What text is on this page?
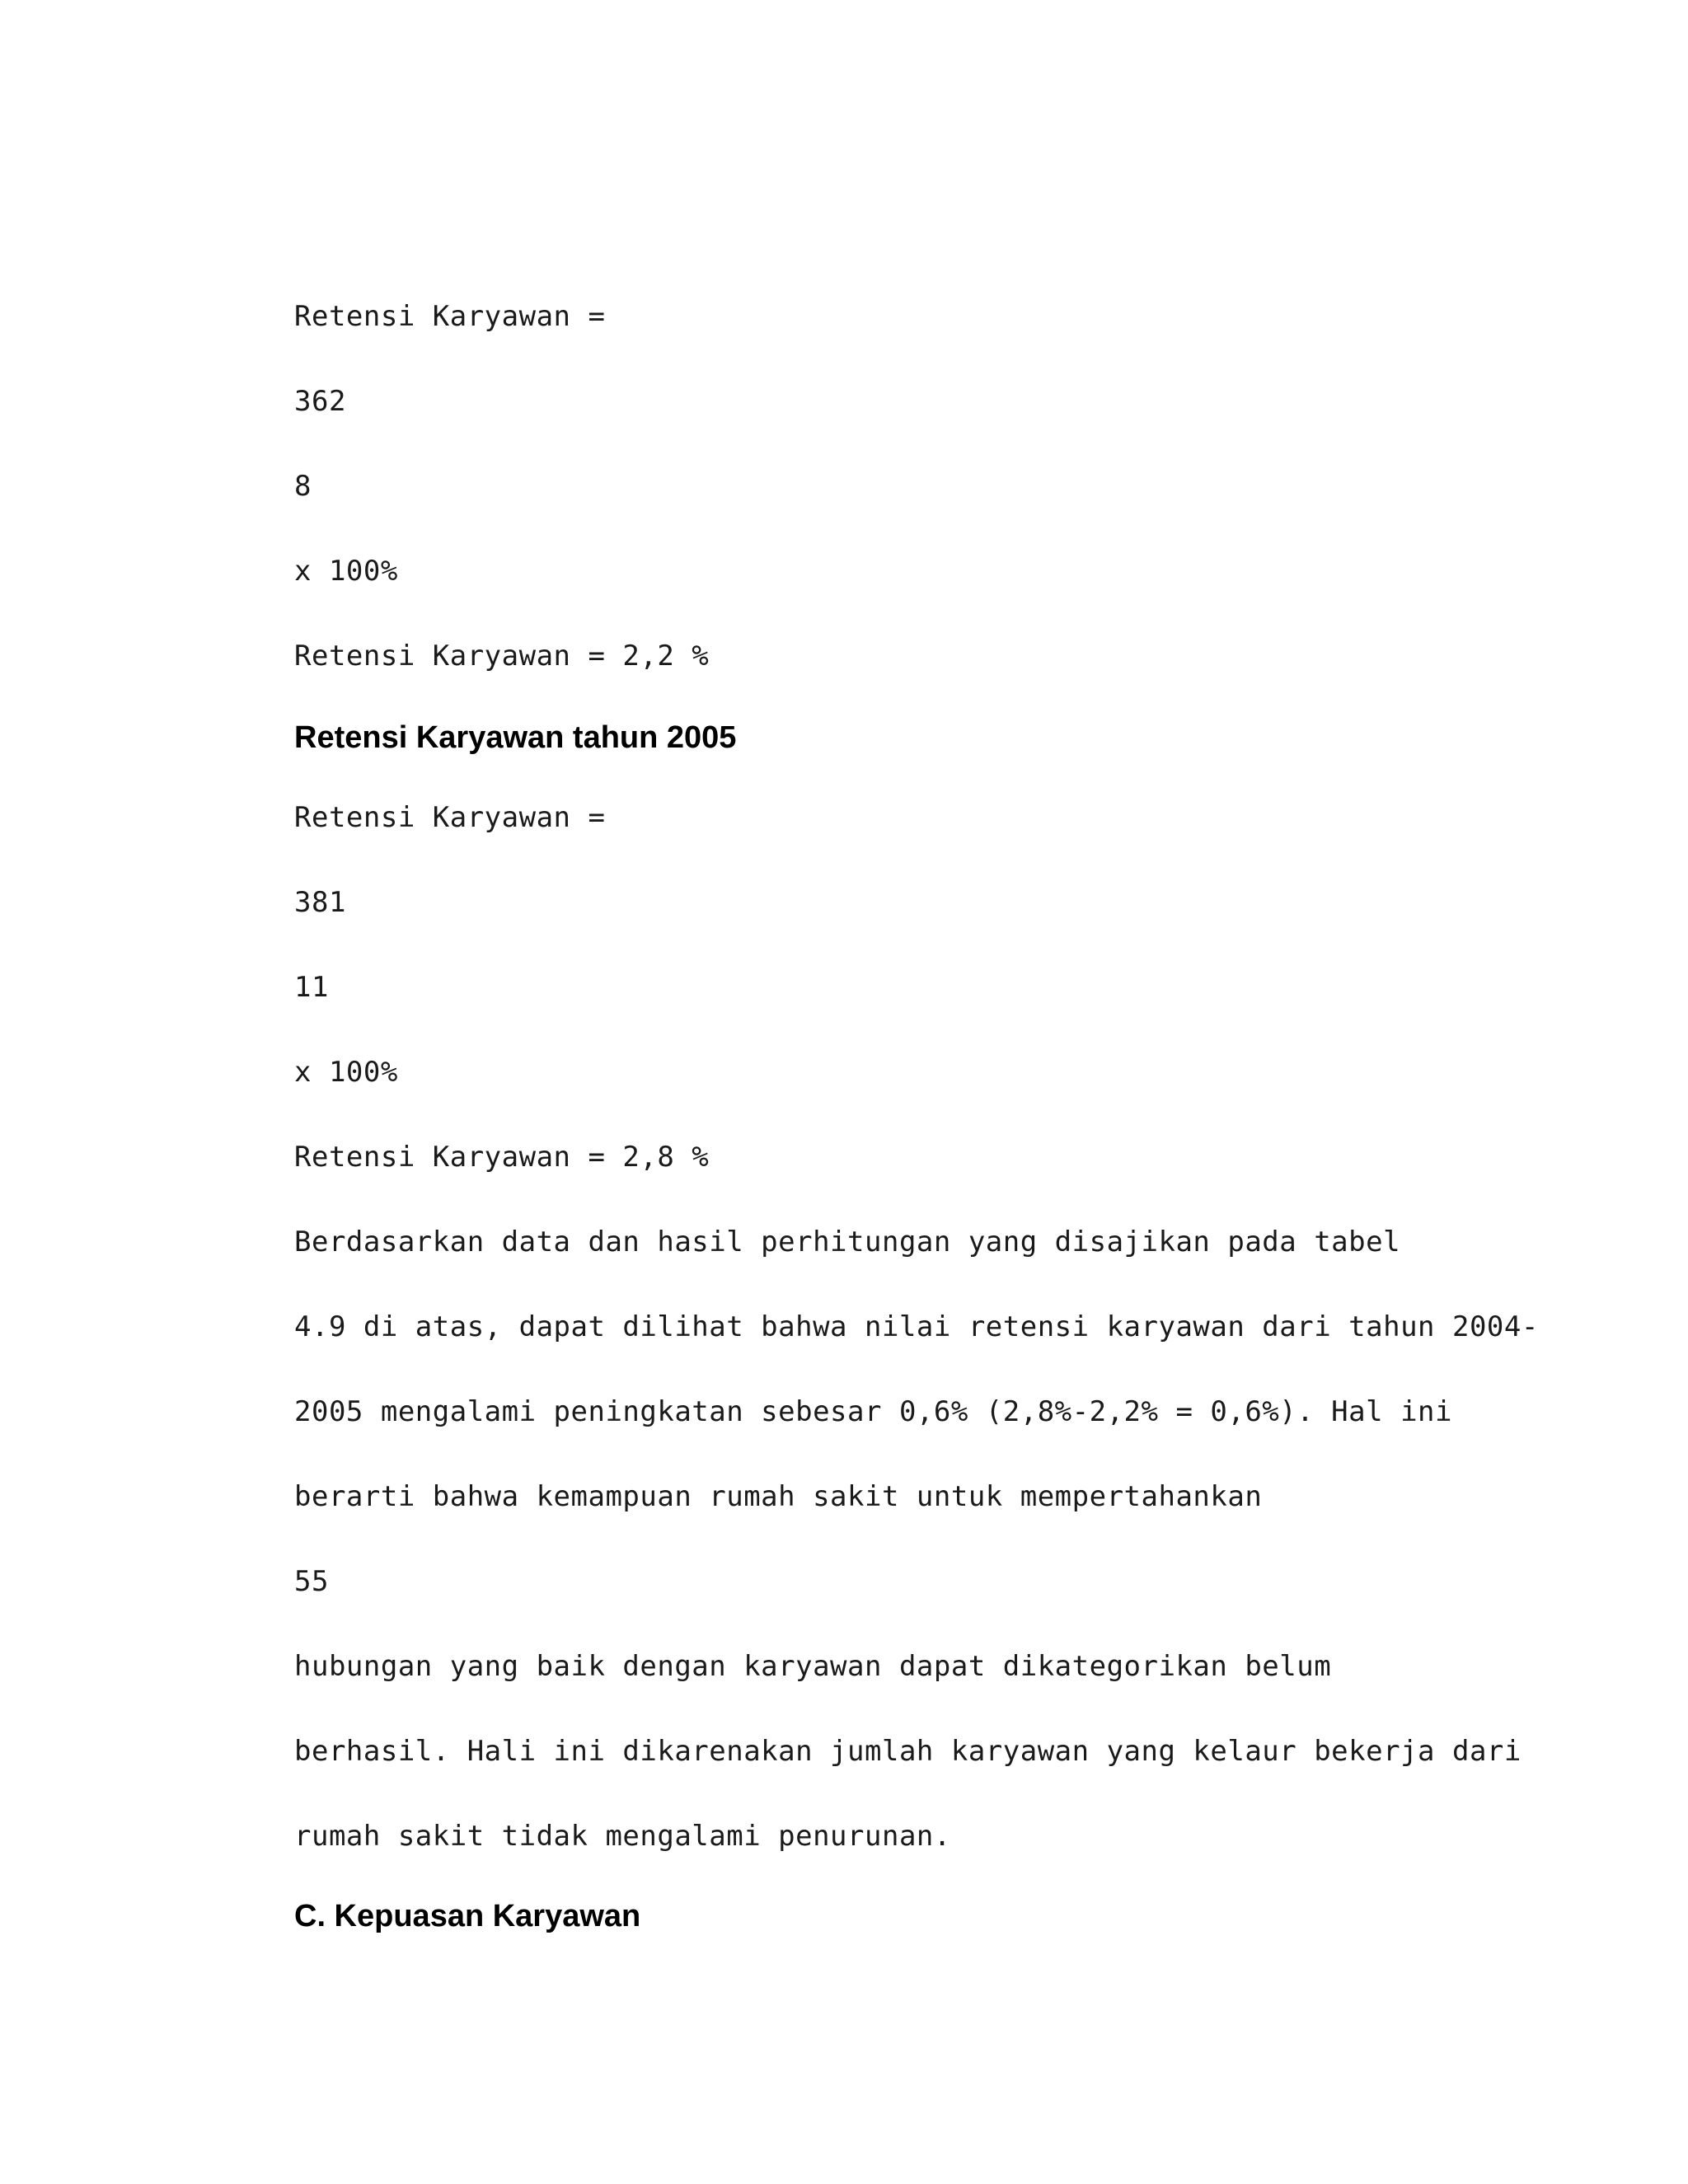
Retensi Karyawan =

362

8

x 100%

Retensi Karyawan = 2,2 %

Retensi Karyawan tahun 2005

Retensi Karyawan =

381

11

x 100%

Retensi Karyawan = 2,8 %

Berdasarkan data dan hasil perhitungan yang disajikan pada tabel

4.9 di atas, dapat dilihat bahwa nilai retensi karyawan dari tahun 2004-

2005 mengalami peningkatan sebesar 0,6% (2,8%-2,2% = 0,6%). Hal ini

berarti bahwa kemampuan rumah sakit untuk mempertahankan

55

hubungan yang baik dengan karyawan dapat dikategorikan belum

berhasil. Hali ini dikarenakan jumlah karyawan yang kelaur bekerja dari

rumah sakit tidak mengalami penurunan.

C. Kepuasan Karyawan
